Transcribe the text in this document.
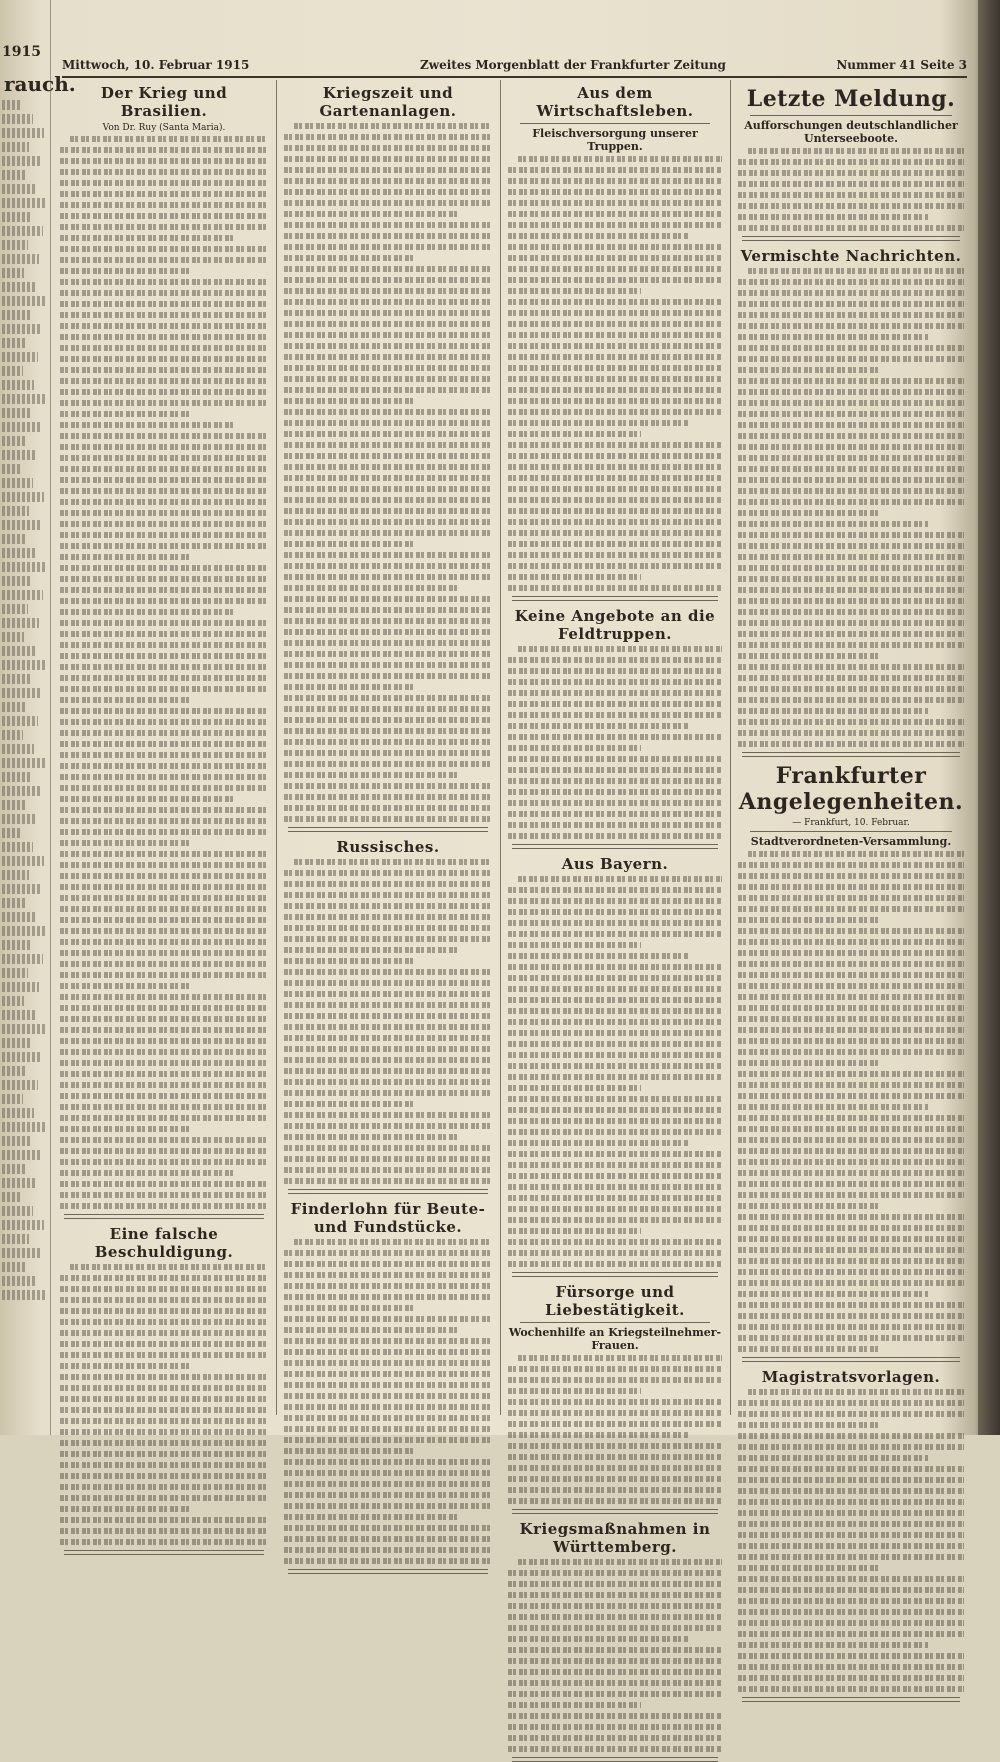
1915
rauch.
Mittwoch, 10. Februar 1915	Zweites Morgenblatt der Frankfurter Zeitung	Nummer 41 Seite 3
Der Krieg und Brasilien.
Von Dr. Ruy (Santa Maria).
Eine falsche Beschuldigung.
Kriegszeit und Gartenanlagen.
Russisches.
Finderlohn für Beute- und Fundstücke.
Aus dem Wirtschaftsleben.
Fleischversorgung unserer Truppen.
Keine Angebote an die Feldtruppen.
Aus Bayern.
Fürsorge und Liebestätigkeit.
Wochenhilfe an Kriegsteilnehmer-Frauen.
Kriegsmaßnahmen in Württemberg.
Letzte Meldung.
Aufforschungen deutschlandlicher Unterseeboote.
Vermischte Nachrichten.
Frankfurter Angelegenheiten.
— Frankfurt, 10. Februar.
Stadtverordneten-Versammlung.
Magistratsvorlagen.
